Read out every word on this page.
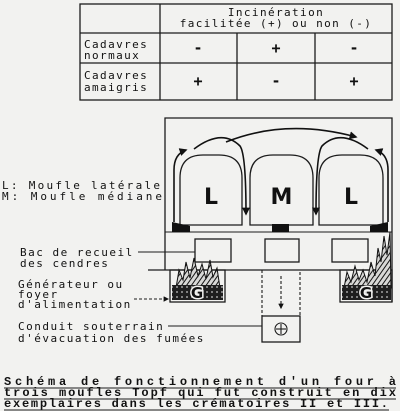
Incinération
facilitée (+) ou non (-)
Cadavres
normaux	-	+	-
Cadavres
amaigris	+	-	+
L: Moufle latérale
M: Moufle médiane L M L
G	G
Bac de recueil
des cendres
Générateur ou
foyer
d'alimentation
Conduit souterrain
d'évacuation des fumées
Schéma de fonctionnement d'un four à
trois moufles Topf qui fut construit en dix
exemplaires dans les crématoires II et III.
